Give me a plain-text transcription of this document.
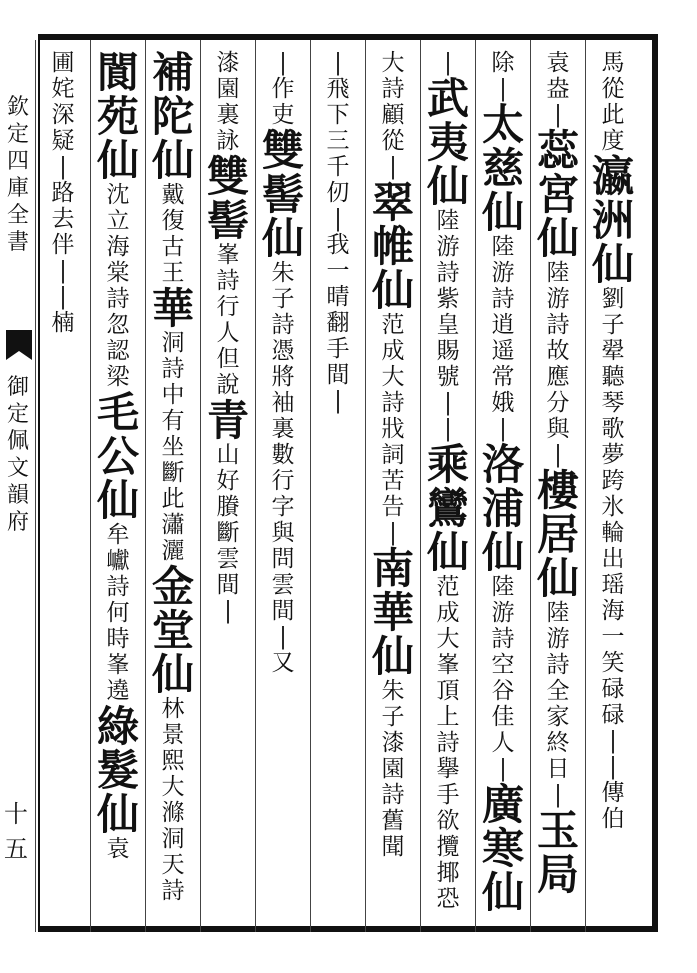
欽定四庫全書
御定佩文韻府
十五
馬
從
此
度
瀛
洲
仙
劉
子
翚
聽
琴
歌
夢
跨
氷
輪
出
瑶
海
一
笑
碌
碌
|
|
傳
伯
袁
盎
|
蕊
宮
仙
陸
游
詩
故
應
分
與
|
樓
居
仙
陸
游
詩
全
家
終
日
|
玉
局
除
|
太
慈
仙
陸
游
詩
逍
遥
常
娥
|
洛
浦
仙
陸
游
詩
空
谷
佳
人
|
廣
寒
仙
|
武
夷
仙
陸
游
詩
紫
皇
賜
號
|
|
乘
鸞
仙
范
成
大
峯
頂
上
詩
擧
手
欲
攬
揶
恐
大
詩
顧
從
|
翠
帷
仙
范
成
大
詩
戕
詞
苦
告
|
南
華
仙
朱
子
漆
園
詩
舊
聞
|
飛
下
三
千
仞
|
我
一
晴
翻
手
間
|
|
作
吏
雙
髻
仙
朱
子
詩
憑
將
袖
裏
數
行
字
與
問
雲
間
|
又
漆
園
裏
詠
雙
髻
峯
詩
行
人
但
說
青
山
好
賸
斷
雲
間
|
補
陀
仙
戴
復
古
王
華
洞
詩
中
有
坐
斷
此
瀟
灑
金
堂
仙
林
景
熙
大
滌
洞
天
詩
閬
苑
仙
沈
立
海
棠
詩
忽
認
梁
毛
公
仙
牟
巘
詩
何
時
峯
遶
綠
髮
仙
袁
圃
姹
深
疑
|
路
去
伴
|
|
楠
